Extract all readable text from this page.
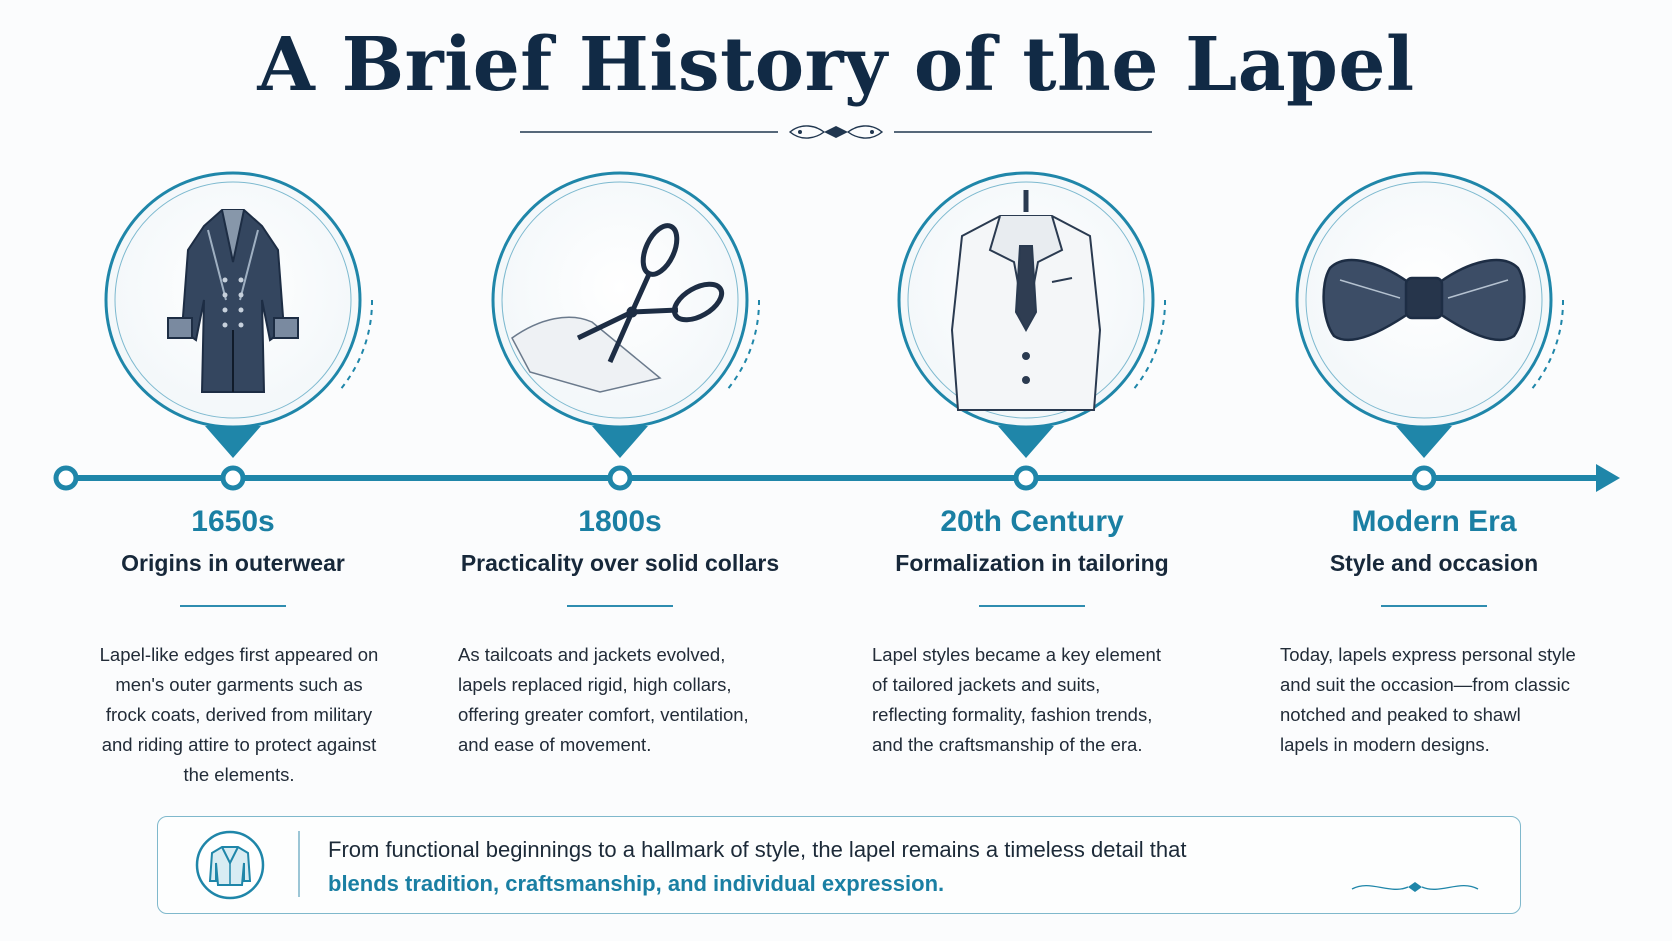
A Brief History of the Lapel
1650s
Origins in outerwear
Lapel-like edges first appeared on
men's outer garments such as
frock coats, derived from military
and riding attire to protect against
the elements.
1800s
Practicality over solid collars
As tailcoats and jackets evolved,
lapels replaced rigid, high collars,
offering greater comfort, ventilation,
and ease of movement.
20th Century
Formalization in tailoring
Lapel styles became a key element
of tailored jackets and suits,
reflecting formality, fashion trends,
and the craftsmanship of the era.
Modern Era
Style and occasion
Today, lapels express personal style
and suit the occasion—from classic
notched and peaked to shawl
lapels in modern designs.
From functional beginnings to a hallmark of style, the lapel remains a timeless detail that
blends tradition, craftsmanship, and individual expression.
